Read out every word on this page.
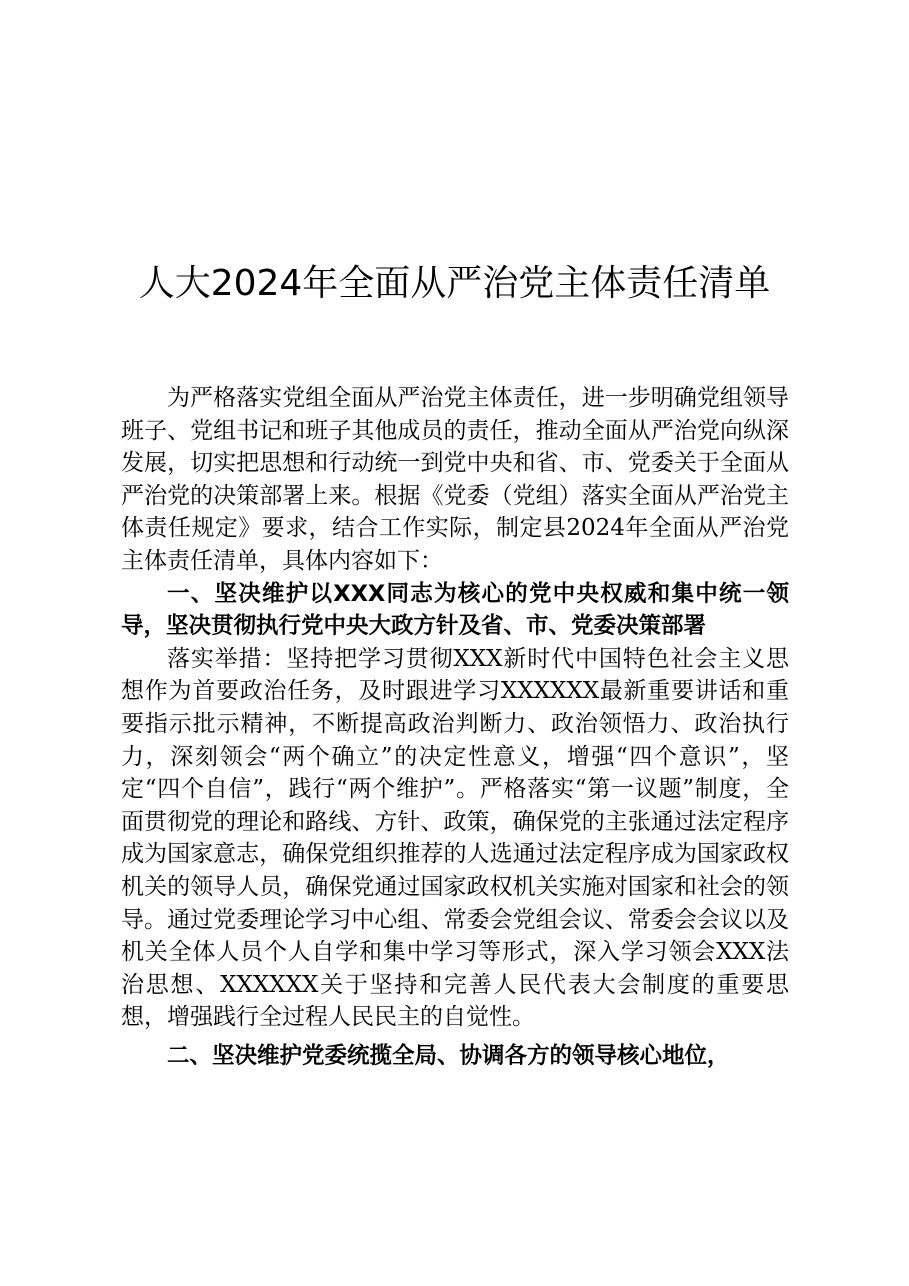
人大2024年全面从严治党主体责任清单

为严格落实党组全面从严治党主体责任，进一步明确党组领导班子、党组书记和班子其他成员的责任，推动全面从严治党向纵深发展，切实把思想和行动统一到党中央和省、市、党委关于全面从严治党的决策部署上来。根据《党委（党组）落实全面从严治党主体责任规定》要求，结合工作实际，制定县2024年全面从严治党主体责任清单，具体内容如下：

一、坚决维护以XXX同志为核心的党中央权威和集中统一领导，坚决贯彻执行党中央大政方针及省、市、党委决策部署

落实举措：坚持把学习贯彻XXX新时代中国特色社会主义思想作为首要政治任务，及时跟进学习XXXXXX最新重要讲话和重要指示批示精神，不断提高政治判断力、政治领悟力、政治执行力，深刻领会“两个确立”的决定性意义，增强“四个意识”，坚定“四个自信”，践行“两个维护”。严格落实“第一议题”制度，全面贯彻党的理论和路线、方针、政策，确保党的主张通过法定程序成为国家意志，确保党组织推荐的人选通过法定程序成为国家政权机关的领导人员，确保党通过国家政权机关实施对国家和社会的领导。通过党委理论学习中心组、常委会党组会议、常委会会议以及机关全体人员个人自学和集中学习等形式，深入学习领会XXX法治思想、XXXXXX关于坚持和完善人民代表大会制度的重要思想，增强践行全过程人民民主的自觉性。

二、坚决维护党委统揽全局、协调各方的领导核心地位，
